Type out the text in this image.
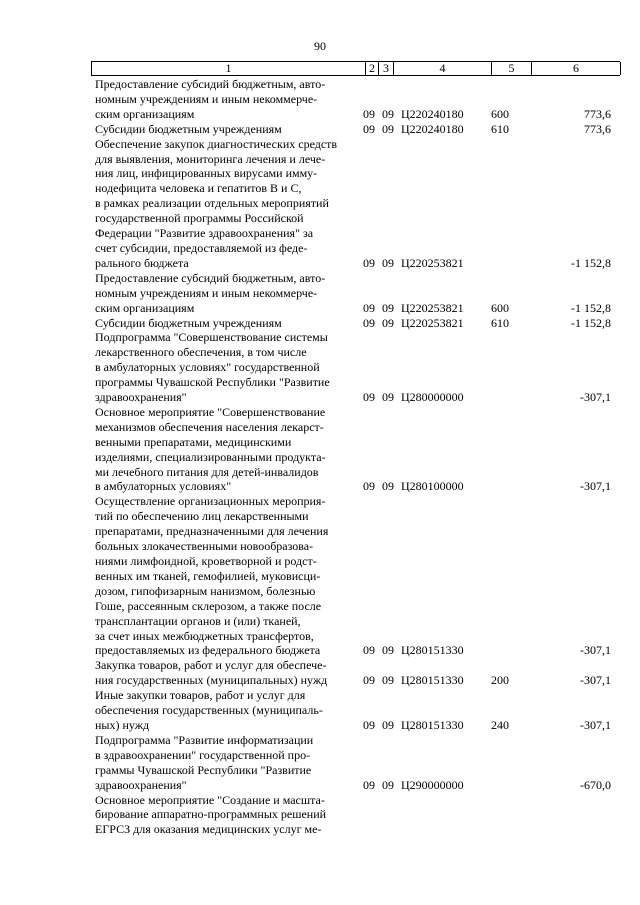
90
1	2 3	4	5	6
Предоставление субсидий бюджетным, авто-
номным учреждениям и иным некоммерче-
ским организациям	09 09 Ц220240180	600	773,6
Субсидии бюджетным учреждениям	09 09 Ц220240180	610	773,6
Обеспечение закупок диагностических средств
для выявления, мониторинга лечения и лече-
ния лиц, инфицированных вирусами имму-
нодефицита человека и гепатитов В и С,
в рамках реализации отдельных мероприятий
государственной программы Российской
Федерации "Развитие здравоохранения" за
счет субсидии, предоставляемой из феде-
рального бюджета	09 09 Ц220253821	-1 152,8
Предоставление субсидий бюджетным, авто-
номным учреждениям и иным некоммерче-
ским организациям	09 09 Ц220253821	600	-1 152,8
Субсидии бюджетным учреждениям	09 09 Ц220253821	610	-1 152,8
Подпрограмма "Совершенствование системы
лекарственного обеспечения, в том числе
в амбулаторных условиях" государственной
программы Чувашской Республики "Развитие
здравоохранения"	09 09 Ц280000000	-307,1
Основное мероприятие "Совершенствование
механизмов обеспечения населения лекарст-
венными препаратами, медицинскими
изделиями, специализированными продукта-
ми лечебного питания для детей-инвалидов
в амбулаторных условиях"	09 09 Ц280100000	-307,1
Осуществление организационных мероприя-
тий по обеспечению лиц лекарственными
препаратами, предназначенными для лечения
больных злокачественными новообразова-
ниями лимфоидной, кроветворной и родст-
венных им тканей, гемофилией, муковисци-
дозом, гипофизарным нанизмом, болезнью
Гоше, рассеянным склерозом, а также после
трансплантации органов и (или) тканей,
за счет иных межбюджетных трансфертов,
предоставляемых из федерального бюджета	09 09 Ц280151330	-307,1
Закупка товаров, работ и услуг для обеспече-
ния государственных (муниципальных) нужд	09 09 Ц280151330	200	-307,1
Иные закупки товаров, работ и услуг для
обеспечения государственных (муниципаль-
ных) нужд	09 09 Ц280151330	240	-307,1
Подпрограмма "Развитие информатизации
в здравоохранении" государственной про-
граммы Чувашской Республики "Развитие
здравоохранения"	09 09 Ц290000000	-670,0
Основное мероприятие "Создание и масшта-
бирование аппаратно-программных решений
ЕГРСЗ для оказания медицинских услуг ме-
